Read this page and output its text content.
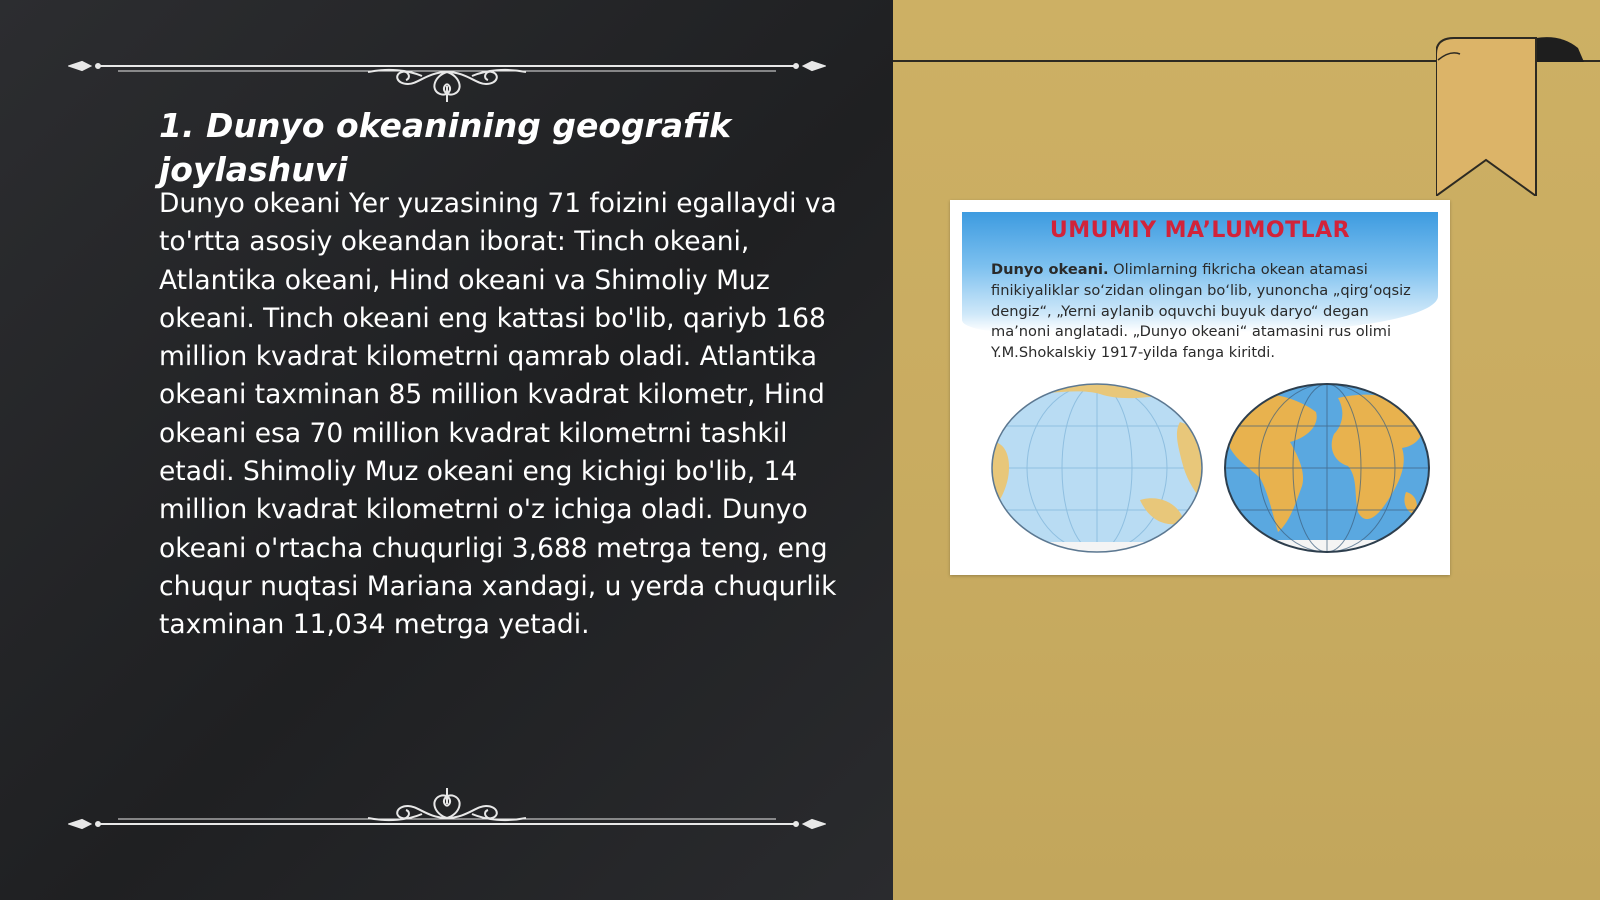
1. Dunyo okeanining geografik joylashuvi

Dunyo okeani Yer yuzasining 71 foizini egallaydi va to'rtta asosiy okeandan iborat: Tinch okeani, Atlantika okeani, Hind okeani va Shimoliy Muz okeani. Tinch okeani eng kattasi bo'lib, qariyb 168 million kvadrat kilometrni qamrab oladi. Atlantika okeani taxminan 85 million kvadrat kilometr, Hind okeani esa 70 million kvadrat kilometrni tashkil etadi. Shimoliy Muz okeani eng kichigi bo'lib, 14 million kvadrat kilometrni o'z ichiga oladi. Dunyo okeani o'rtacha chuqurligi 3,688 metrga teng, eng chuqur nuqtasi Mariana xandagi, u yerda chuqurlik taxminan 11,034 metrga yetadi.

UMUMIY MA’LUMOTLAR

Dunyo okeani. Olimlarning fikricha okean atamasi finikiyaliklar so‘zidan olingan bo‘lib, yunoncha „qirg‘oqsiz dengiz“, „Yerni aylanib oquvchi buyuk daryo“ degan ma’noni anglatadi. „Dunyo okeani“ atamasini rus olimi Y.M.Shokalskiy 1917-yilda fanga kiritdi.
